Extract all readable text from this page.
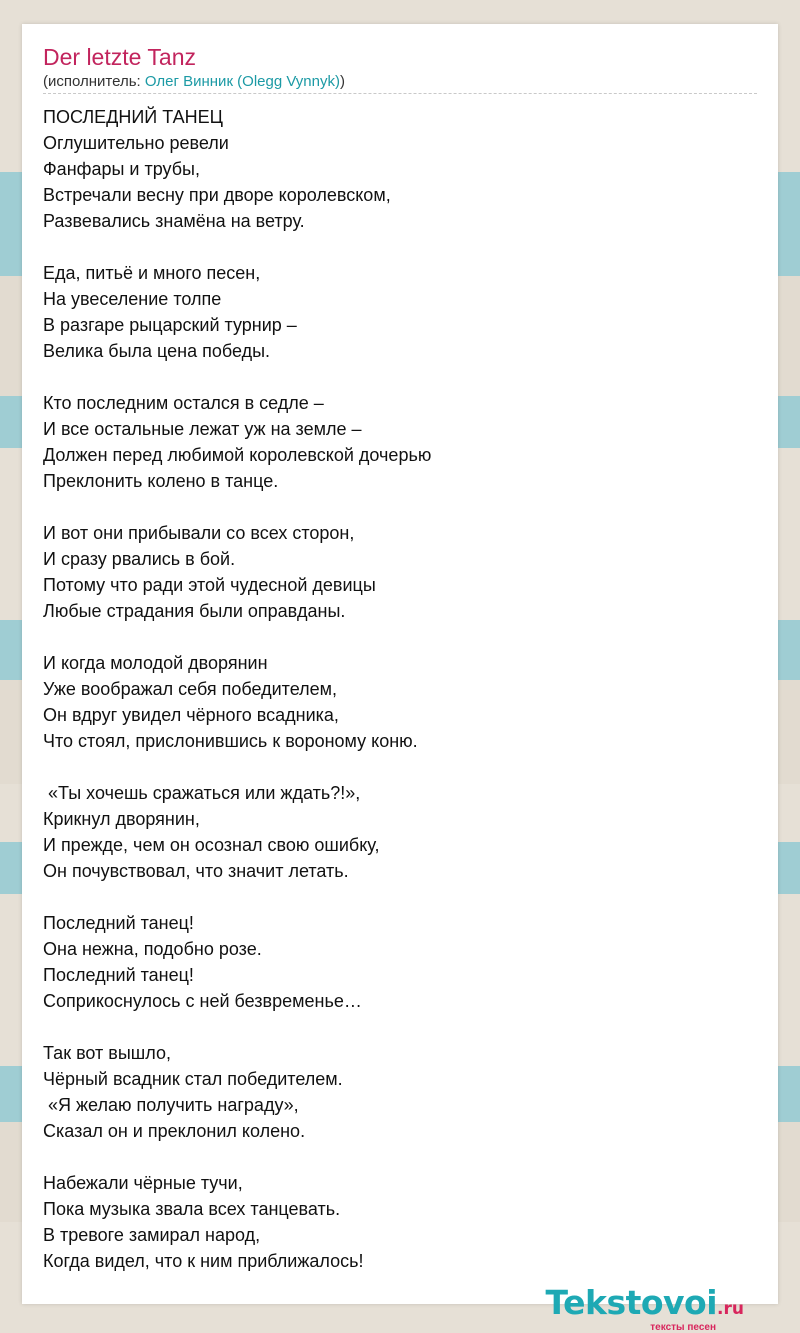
Der letzte Tanz
(исполнитель: Олег Винник (Olegg Vynnyk))
ПОСЛЕДНИЙ ТАНЕЦ
Оглушительно ревели
Фанфары и трубы,
Встречали весну при дворе королевском,
Развевались знамёна на ветру.
Еда, питьё и много песен,
На увеселение толпе
В разгаре рыцарский турнир –
Велика была цена победы.
Кто последним остался в седле –
И все остальные лежат уж на земле –
Должен перед любимой королевской дочерью
Преклонить колено в танце.
И вот они прибывали со всех сторон,
И сразу рвались в бой.
Потому что ради этой чудесной девицы
Любые страдания были оправданы.
И когда молодой дворянин
Уже воображал себя победителем,
Он вдруг увидел чёрного всадника,
Что стоял, прислонившись к вороному коню.
«Ты хочешь сражаться или ждать?!»,
Крикнул дворянин,
И прежде, чем он осознал свою ошибку,
Он почувствовал, что значит летать.
Последний танец!
Она нежна, подобно розе.
Последний танец!
Соприкоснулось с ней безвременье…
Так вот вышло,
Чёрный всадник стал победителем.
«Я желаю получить награду»,
Сказал он и преклонил колено.
Набежали чёрные тучи,
Пока музыка звала всех танцевать.
В тревоге замирал народ,
Когда видел, что к ним приближалось!
Tekstovoi.ru
тексты песен
